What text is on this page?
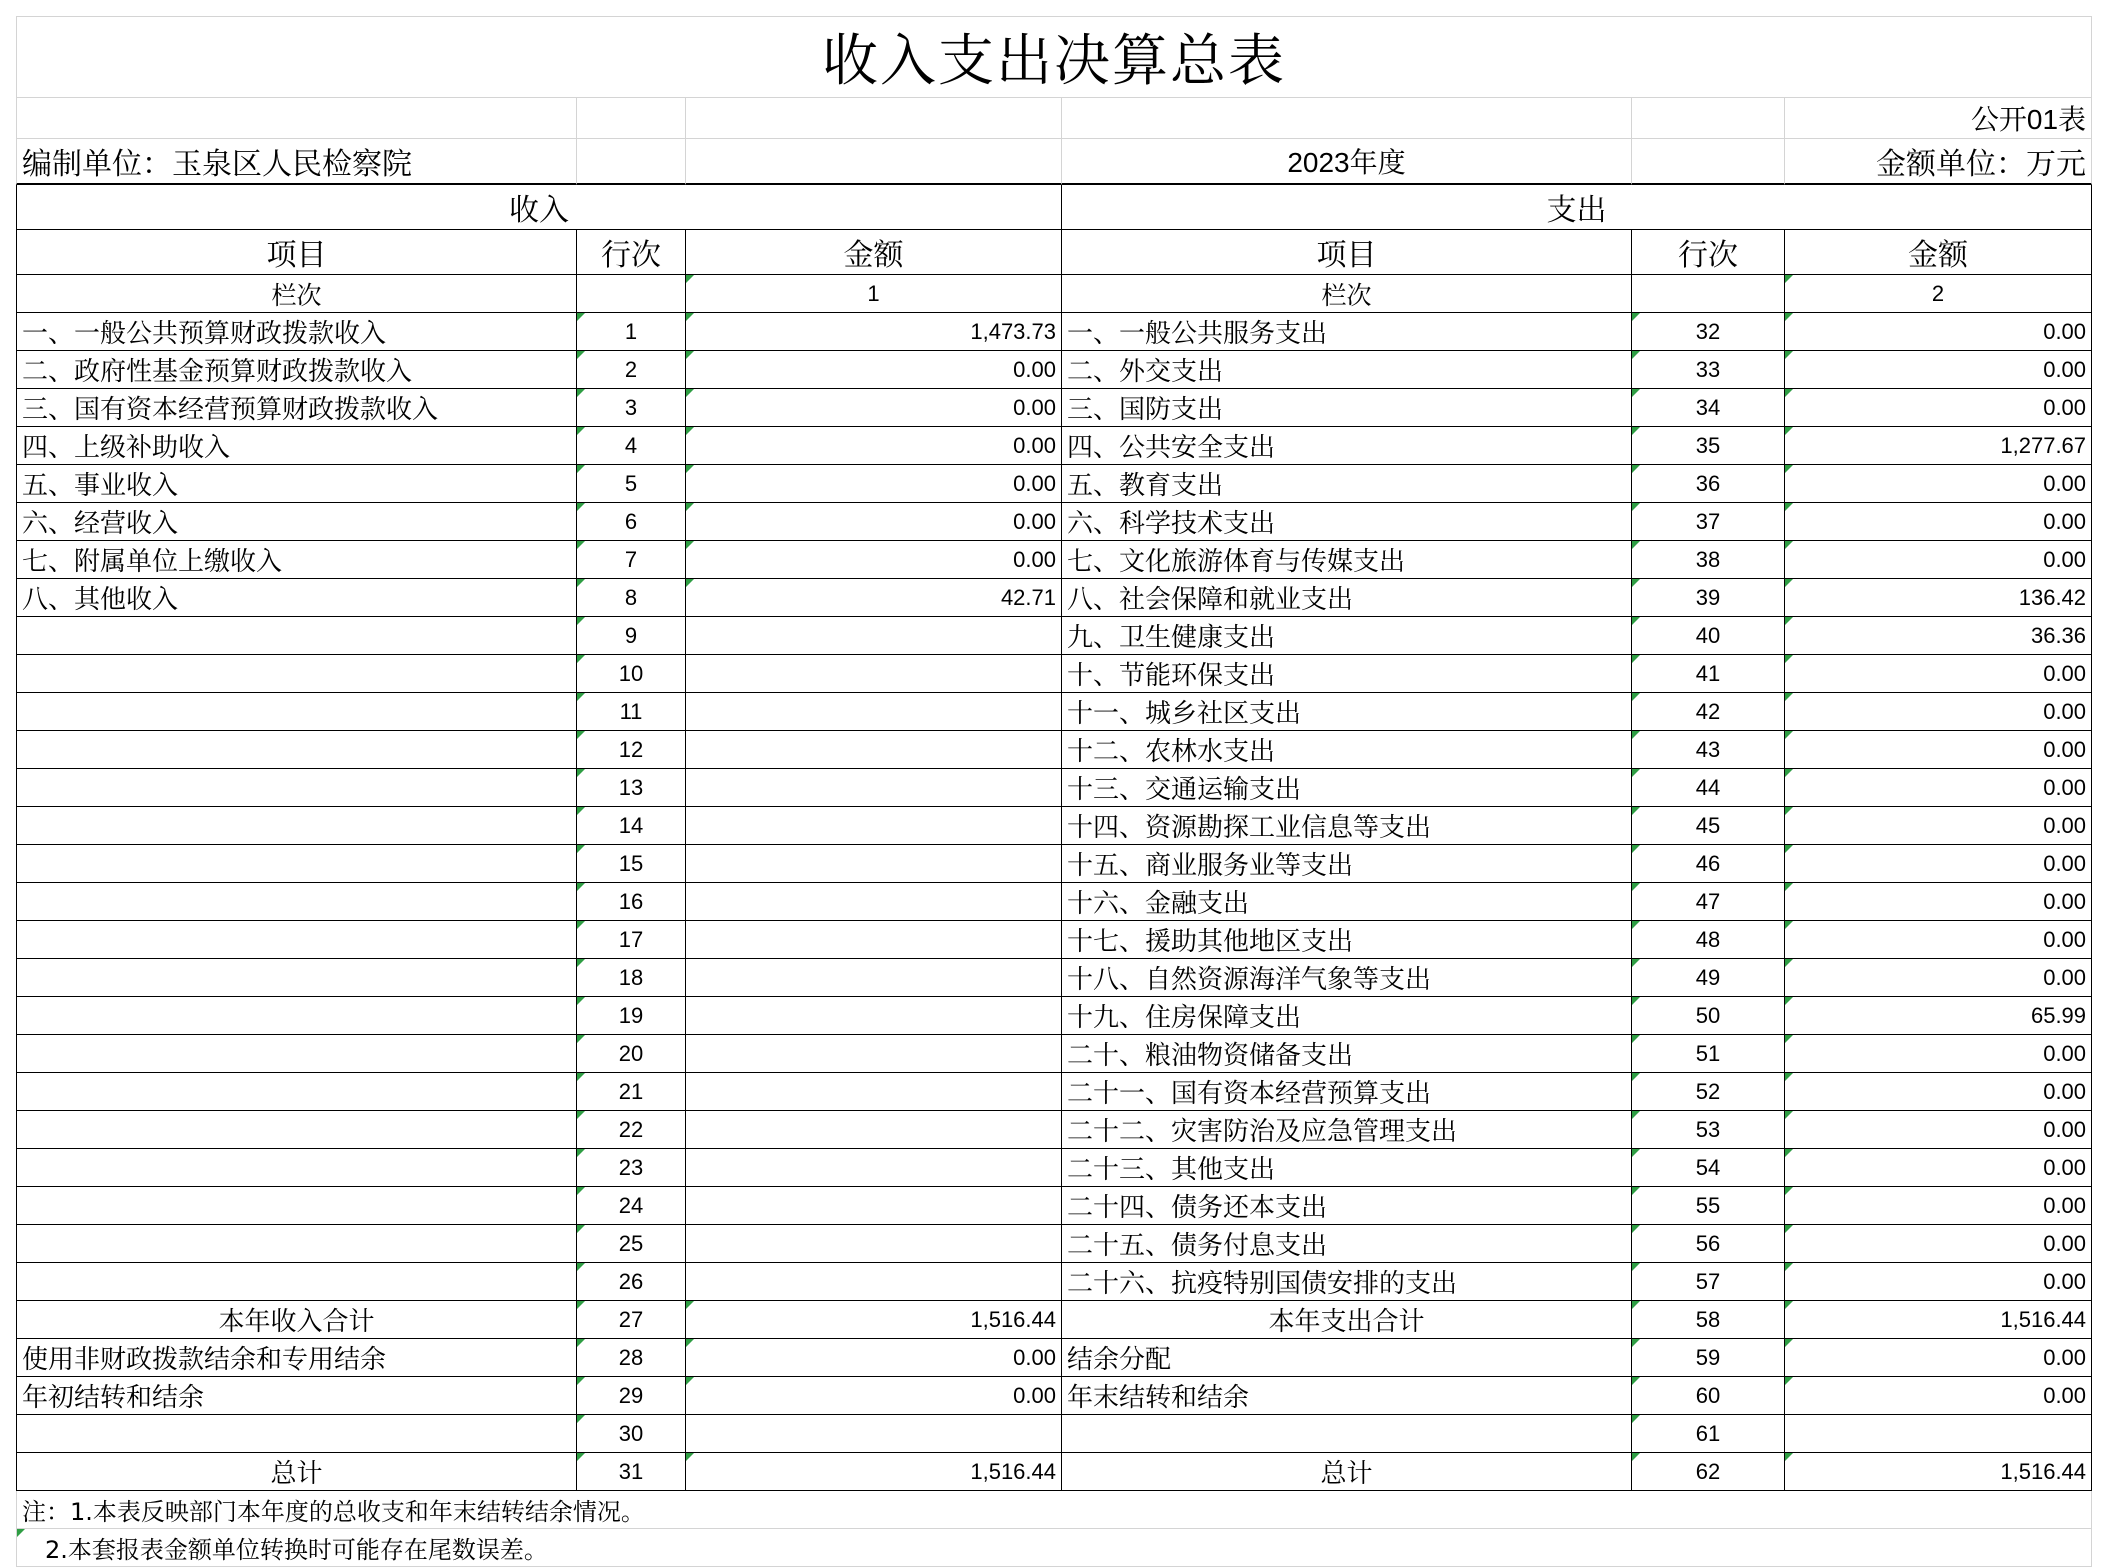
收入支出决算总表					
					公开01表
编制单位：玉泉区人民检察院			2023年度		金额单位：万元
收入			支出		
项目	行次	金额	项目	行次	金额
栏次		1	栏次		2
一、一般公共预算财政拨款收入	1	1,473.73	一、一般公共服务支出	32	0.00
二、政府性基金预算财政拨款收入	2	0.00	二、外交支出	33	0.00
三、国有资本经营预算财政拨款收入	3	0.00	三、国防支出	34	0.00
四、上级补助收入	4	0.00	四、公共安全支出	35	1,277.67
五、事业收入	5	0.00	五、教育支出	36	0.00
六、经营收入	6	0.00	六、科学技术支出	37	0.00
七、附属单位上缴收入	7	0.00	七、文化旅游体育与传媒支出	38	0.00
八、其他收入	8	42.71	八、社会保障和就业支出	39	136.42
	9		九、卫生健康支出	40	36.36
	10		十、节能环保支出	41	0.00
	11		十一、城乡社区支出	42	0.00
	12		十二、农林水支出	43	0.00
	13		十三、交通运输支出	44	0.00
	14		十四、资源勘探工业信息等支出	45	0.00
	15		十五、商业服务业等支出	46	0.00
	16		十六、金融支出	47	0.00
	17		十七、援助其他地区支出	48	0.00
	18		十八、自然资源海洋气象等支出	49	0.00
	19		十九、住房保障支出	50	65.99
	20		二十、粮油物资储备支出	51	0.00
	21		二十一、国有资本经营预算支出	52	0.00
	22		二十二、灾害防治及应急管理支出	53	0.00
	23		二十三、其他支出	54	0.00
	24		二十四、债务还本支出	55	0.00
	25		二十五、债务付息支出	56	0.00
	26		二十六、抗疫特别国债安排的支出	57	0.00
本年收入合计	27	1,516.44	本年支出合计	58	1,516.44
使用非财政拨款结余和专用结余	28	0.00	结余分配	59	0.00
年初结转和结余	29	0.00	年末结转和结余	60	0.00
	30			61	
总计	31	1,516.44	总计	62	1,516.44
注：1.本表反映部门本年度的总收支和年末结转结余情况。					
2.本套报表金额单位转换时可能存在尾数误差。					
